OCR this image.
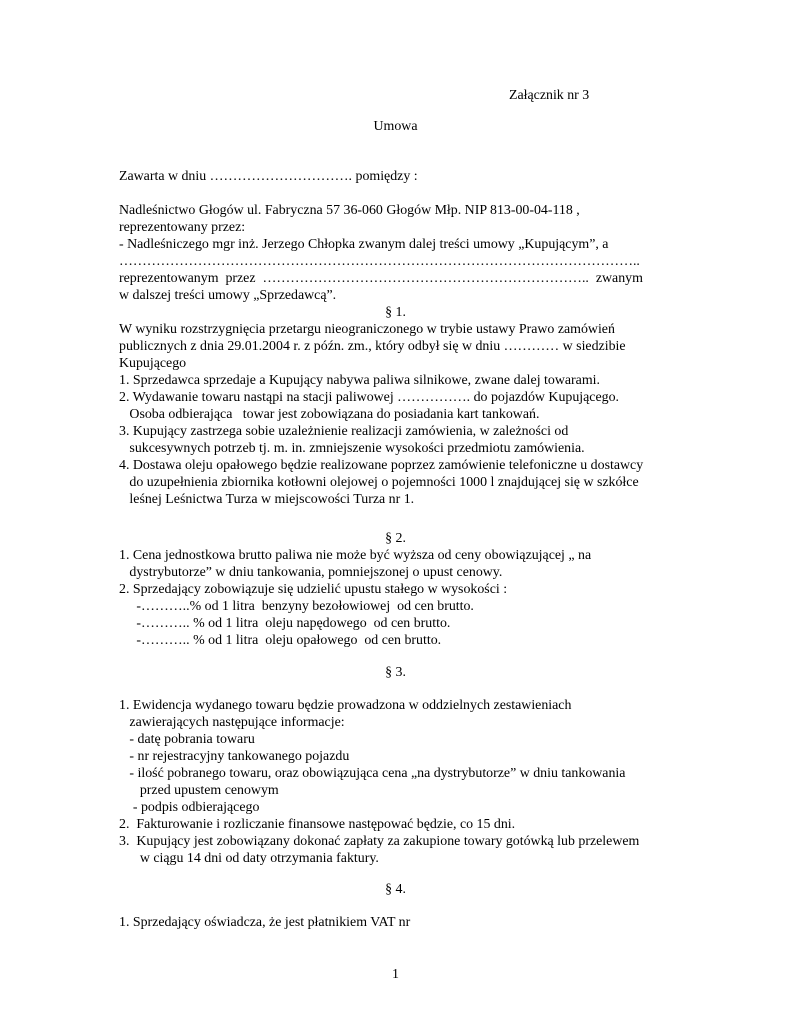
Załącznik nr 3
Umowa
Zawarta w dniu …………………………. pomiędzy :
Nadleśnictwo Głogów ul. Fabryczna 57 36-060 Głogów Młp. NIP 813-00-04-118 ,
reprezentowany przez:
- Nadleśniczego mgr inż. Jerzego Chłopka zwanym dalej treści umowy „Kupującym”, a
…………………………………………………………………………………………………..
reprezentowanym  przez  ……………………………………………………………..  zwanym
w dalszej treści umowy „Sprzedawcą”.
§ 1.
W wyniku rozstrzygnięcia przetargu nieograniczonego w trybie ustawy Prawo zamówień
publicznych z dnia 29.01.2004 r. z późn. zm., który odbył się w dniu ………… w siedzibie
Kupującego
1. Sprzedawca sprzedaje a Kupujący nabywa paliwa silnikowe, zwane dalej towarami.
2. Wydawanie towaru nastąpi na stacji paliwowej ……………. do pojazdów Kupującego.
Osoba odbierająca   towar jest zobowiązana do posiadania kart tankowań.
3. Kupujący zastrzega sobie uzależnienie realizacji zamówienia, w zależności od
sukcesywnych potrzeb tj. m. in. zmniejszenie wysokości przedmiotu zamówienia.
4. Dostawa oleju opałowego będzie realizowane poprzez zamówienie telefoniczne u dostawcy
do uzupełnienia zbiornika kotłowni olejowej o pojemności 1000 l znajdującej się w szkółce
leśnej Leśnictwa Turza w miejscowości Turza nr 1.
§ 2.
1. Cena jednostkowa brutto paliwa nie może być wyższa od ceny obowiązującej „ na
dystrybutorze” w dniu tankowania, pomniejszonej o upust cenowy.
2. Sprzedający zobowiązuje się udzielić upustu stałego w wysokości :
-………..% od 1 litra  benzyny bezołowiowej  od cen brutto.
-……….. % od 1 litra  oleju napędowego  od cen brutto.
-……….. % od 1 litra  oleju opałowego  od cen brutto.
§ 3.
1. Ewidencja wydanego towaru będzie prowadzona w oddzielnych zestawieniach
zawierających następujące informacje:
- datę pobrania towaru
- nr rejestracyjny tankowanego pojazdu
- ilość pobranego towaru, oraz obowiązująca cena „na dystrybutorze” w dniu tankowania
przed upustem cenowym
- podpis odbierającego
2.  Fakturowanie i rozliczanie finansowe następować będzie, co 15 dni.
3.  Kupujący jest zobowiązany dokonać zapłaty za zakupione towary gotówką lub przelewem
w ciągu 14 dni od daty otrzymania faktury.
§ 4.
1. Sprzedający oświadcza, że jest płatnikiem VAT nr
1
